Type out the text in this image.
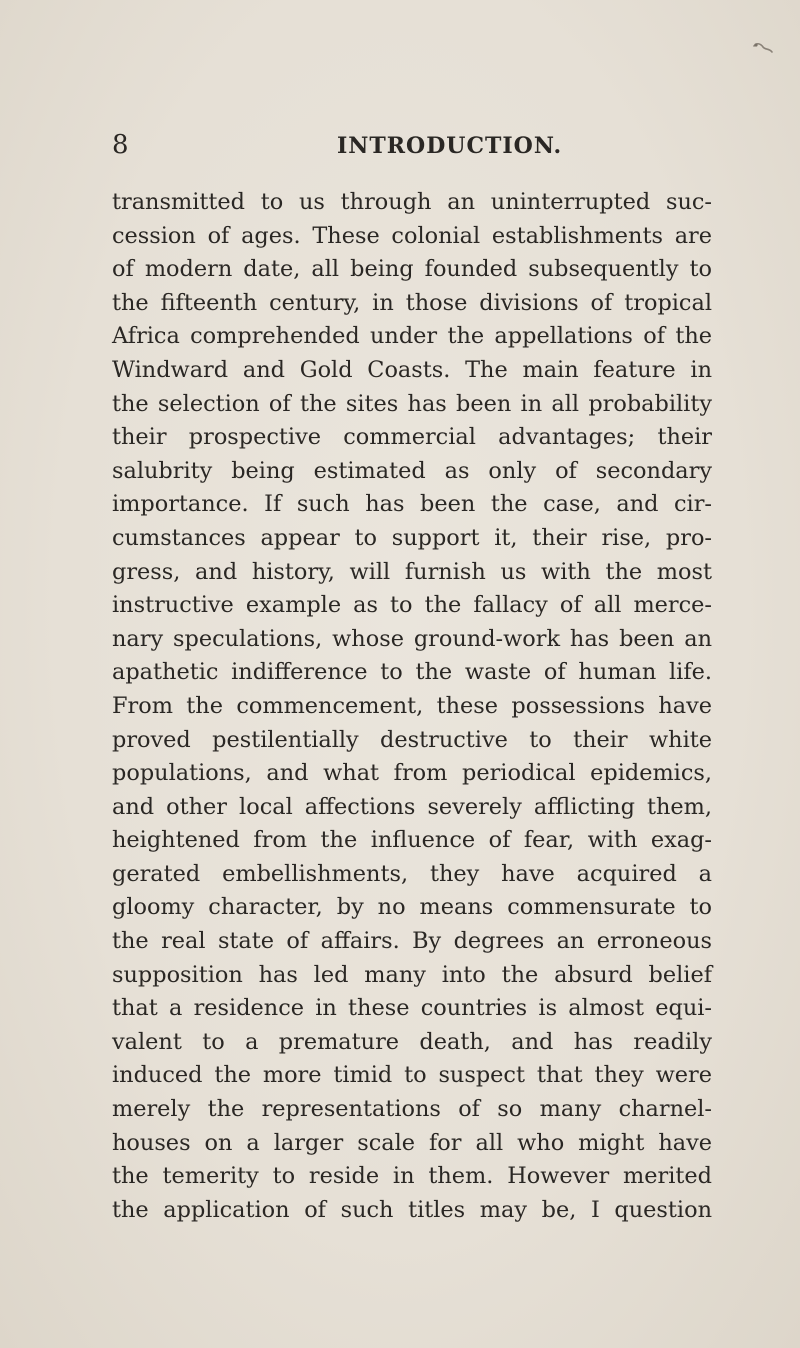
8	INTRODUCTION.
transmitted to us through an uninterrupted suc-
cession of ages. These colonial establishments are
of modern date, all being founded subsequently to
the fifteenth century, in those divisions of tropical
Africa comprehended under the appellations of the
Windward and Gold Coasts. The main feature in
the selection of the sites has been in all probability
their prospective commercial advantages; their
salubrity being estimated as only of secondary
importance. If such has been the case, and cir-
cumstances appear to support it, their rise, pro-
gress, and history, will furnish us with the most
instructive example as to the fallacy of all merce-
nary speculations, whose ground-work has been an
apathetic indifference to the waste of human life.
From the commencement, these possessions have
proved pestilentially destructive to their white
populations, and what from periodical epidemics,
and other local affections severely afflicting them,
heightened from the influence of fear, with exag-
gerated embellishments, they have acquired a
gloomy character, by no means commensurate to
the real state of affairs. By degrees an erroneous
supposition has led many into the absurd belief
that a residence in these countries is almost equi-
valent to a premature death, and has readily
induced the more timid to suspect that they were
merely the representations of so many charnel-
houses on a larger scale for all who might have
the temerity to reside in them. However merited
the application of such titles may be, I question
